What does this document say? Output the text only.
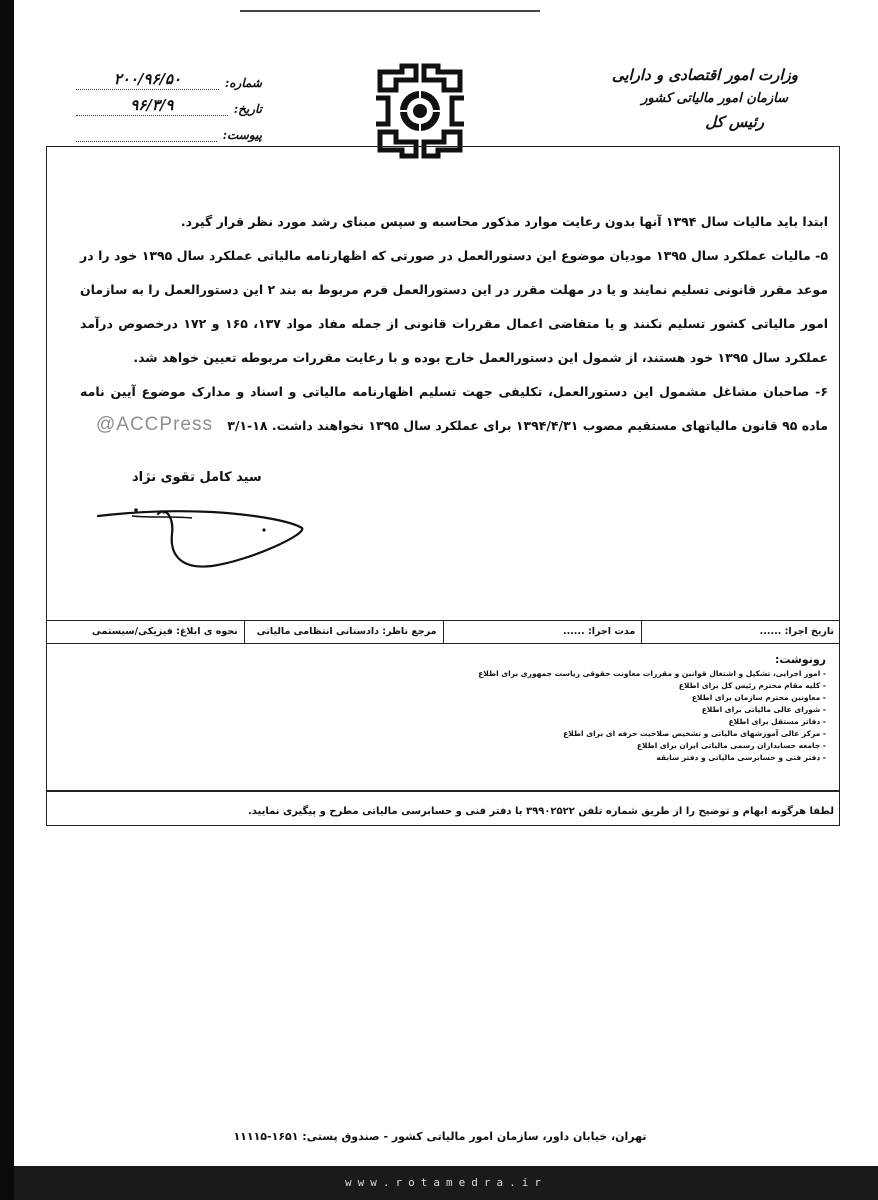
وزارت امور اقتصادی و دارایی
سازمان امور مالیاتی کشور
رئیس کل
شماره:
۲۰۰/۹۶/۵۰
تاریخ:
۹۶/۳/۹
پیوست:

ابتدا باید مالیات سال ۱۳۹۴ آنها بدون رعایت موارد مذکور محاسبه و سپس مبنای رشد مورد نظر قرار گیرد.

۵- مالیات عملکرد سال ۱۳۹۵ مودیان موضوع این دستورالعمل در صورتی که اظهارنامه مالیاتی عملکرد سال ۱۳۹۵ خود را در موعد مقرر قانونی تسلیم نمایند و یا در مهلت مقرر در این دستورالعمل فرم مربوط به بند ۲ این دستورالعمل را به سازمان امور مالیاتی کشور تسلیم نکنند و یا متقاضی اعمال مقررات قانونی از جمله مفاد مواد ۱۳۷، ۱۶۵ و ۱۷۲ درخصوص درآمد عملکرد سال ۱۳۹۵ خود هستند، از شمول این دستورالعمل خارج بوده و با رعایت مقررات مربوطه تعیین خواهد شد.

۶- صاحبان مشاغل مشمول این دستورالعمل، تکلیفی جهت تسلیم اظهارنامه مالیاتی و اسناد و مدارک موضوع آیین نامه ماده ۹۵ قانون مالیاتهای مستقیم مصوب ۱۳۹۴/۴/۳۱ برای عملکرد سال ۱۳۹۵ نخواهند داشت. ۱۸-۳/۱

@ACCPress
سید کامل تقوی نژاد
تاریخ اجرا: ......
مدت اجرا: ......
مرجع ناظر: دادستانی انتظامی مالیاتی
نحوه ی ابلاغ: فیزیکی/سیستمی
رونوشت:
- امور اجرایی، تشکیل و اشتغال قوانین و مقررات معاونت حقوقی ریاست جمهوری برای اطلاع
- کلیه مقام محترم رئیس کل برای اطلاع
- معاونین محترم سازمان برای اطلاع
- شورای عالی مالیاتی برای اطلاع
- دفاتر مستقل برای اطلاع
- مرکز عالی آموزشهای مالیاتی و تشخیص صلاحیت حرفه ای برای اطلاع
- جامعه حسابداران رسمی مالیاتی ایران برای اطلاع
- دفتر فنی و حسابرسی مالیاتی و دفتر سابقه
لطفا هرگونه ابهام و توضیح را از طریق شماره تلفن ۳۹۹۰۲۵۲۲ با دفتر فنی و حسابرسی مالیاتی مطرح و پیگیری نمایید.
تهران، خیابان داور، سازمان امور مالیاتی کشور - صندوق پستی: ۱۶۵۱-۱۱۱۱۵
www.rotamedra.ir
